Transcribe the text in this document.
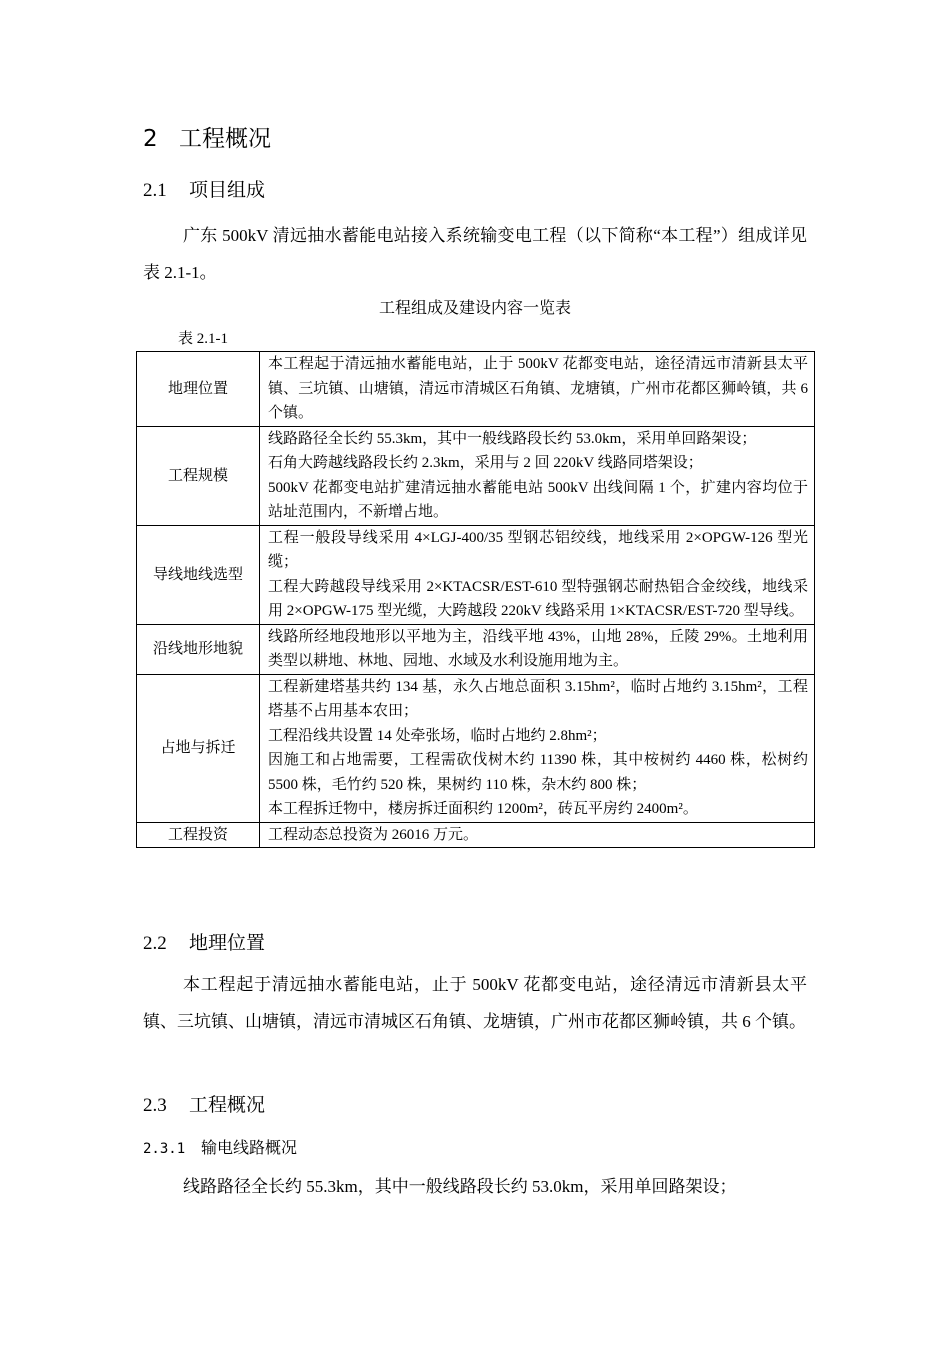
2 工程概况
2.1 项目组成

广东 500kV 清远抽水蓄能电站接入系统输变电工程（以下简称“本工程”）组成详见表 2.1-1。

工程组成及建设内容一览表
表 2.1-1
地理位置	本工程起于清远抽水蓄能电站，止于 500kV 花都变电站，途径清远市清新县太平镇、三坑镇、山塘镇，清远市清城区石角镇、龙塘镇，广州市花都区狮岭镇，共 6 个镇。

工程规模	线路路径全长约 55.3km，其中一般线路段长约 53.0km，采用单回路架设；
石角大跨越线路段长约 2.3km，采用与 2 回 220kV 线路同塔架设；
500kV 花都变电站扩建清远抽水蓄能电站 500kV 出线间隔 1 个，扩建内容均位于站址范围内，不新增占地。

导线地线选型	工程一般段导线采用 4×LGJ-400/35 型钢芯铝绞线，地线采用 2×OPGW-126 型光缆；
工程大跨越段导线采用 2×KTACSR/EST-610 型特强钢芯耐热铝合金绞线，地线采用 2×OPGW-175 型光缆，大跨越段 220kV 线路采用 1×KTACSR/EST-720 型导线。

沿线地形地貌	线路所经地段地形以平地为主，沿线平地 43%，山地 28%，丘陵 29%。土地利用类型以耕地、林地、园地、水域及水利设施用地为主。

占地与拆迁	工程新建塔基共约 134 基，永久占地总面积 3.15hm²，临时占地约 3.15hm²，工程塔基不占用基本农田；
工程沿线共设置 14 处牵张场，临时占地约 2.8hm²；
因施工和占地需要，工程需砍伐树木约 11390 株，其中桉树约 4460 株，松树约 5500 株，毛竹约 520 株，果树约 110 株，杂木约 800 株；
本工程拆迁物中，楼房拆迁面积约 1200m²，砖瓦平房约 2400m²。

工程投资	工程动态总投资为 26016 万元。
2.2 地理位置

本工程起于清远抽水蓄能电站，止于 500kV 花都变电站，途径清远市清新县太平镇、三坑镇、山塘镇，清远市清城区石角镇、龙塘镇，广州市花都区狮岭镇，共 6 个镇。

2.3 工程概况
2.3.1 输电线路概况

线路路径全长约 55.3km，其中一般线路段长约 53.0km，采用单回路架设；
